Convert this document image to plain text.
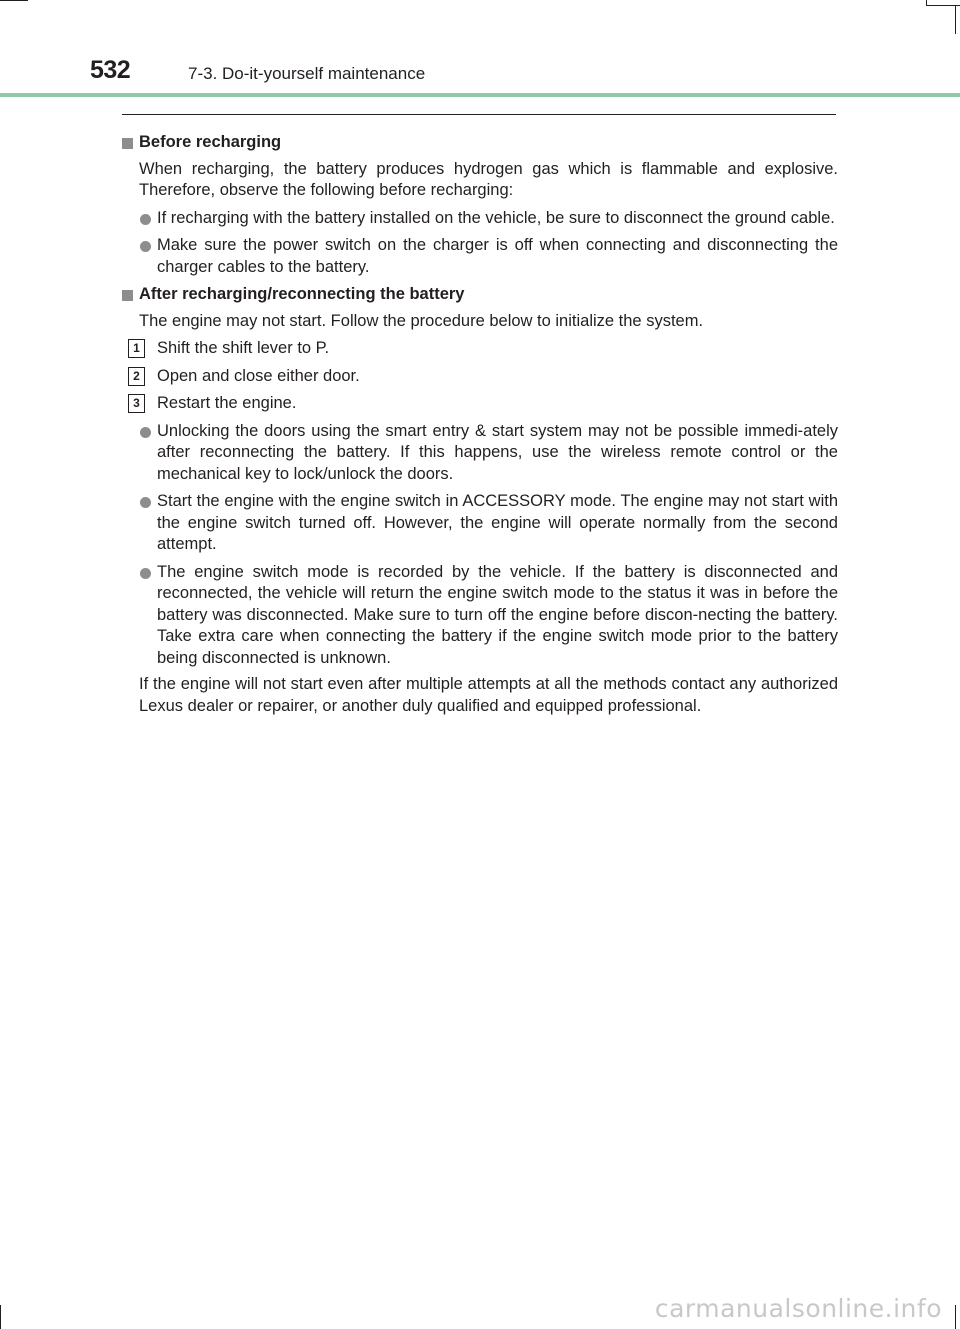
532	7-3. Do-it-yourself maintenance
Before recharging
When recharging, the battery produces hydrogen gas which is flammable and explosive. Therefore, observe the following before recharging:
If recharging with the battery installed on the vehicle, be sure to disconnect the ground cable.
Make sure the power switch on the charger is off when connecting and disconnecting the charger cables to the battery.
After recharging/reconnecting the battery
The engine may not start. Follow the procedure below to initialize the system.
1	Shift the shift lever to P.
2	Open and close either door.
3	Restart the engine.
Unlocking the doors using the smart entry & start system may not be possible immedi-ately after reconnecting the battery. If this happens, use the wireless remote control or the mechanical key to lock/unlock the doors.
Start the engine with the engine switch in ACCESSORY mode. The engine may not start with the engine switch turned off. However, the engine will operate normally from the second attempt.
The engine switch mode is recorded by the vehicle. If the battery is disconnected and reconnected, the vehicle will return the engine switch mode to the status it was in before the battery was disconnected. Make sure to turn off the engine before discon-necting the battery. Take extra care when connecting the battery if the engine switch mode prior to the battery being disconnected is unknown.
If the engine will not start even after multiple attempts at all the methods contact any authorized Lexus dealer or repairer, or another duly qualified and equipped professional.
carmanualsonline.info
